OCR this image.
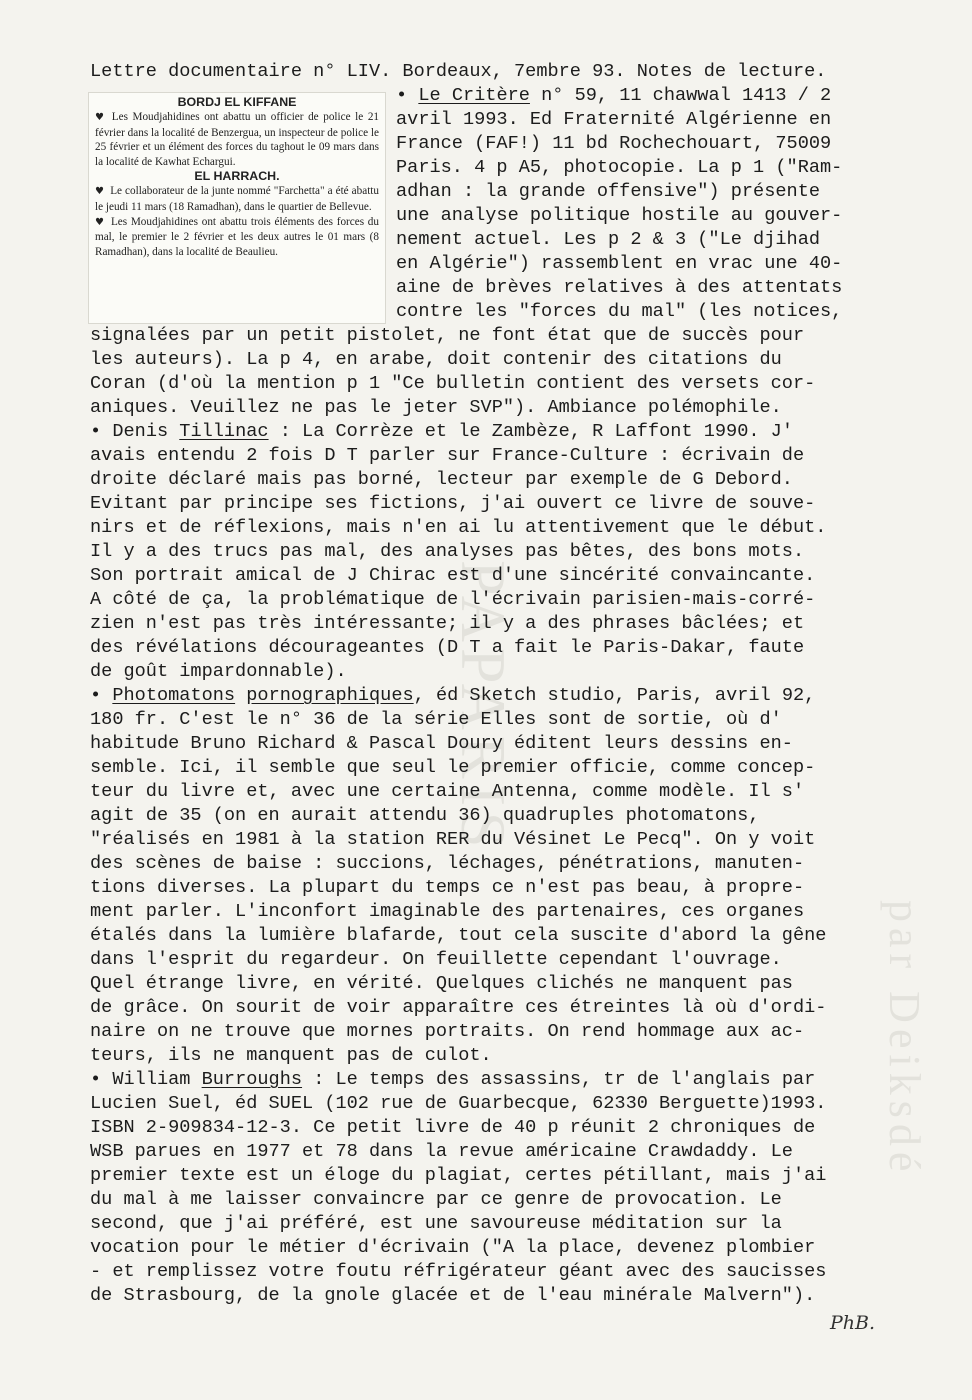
PAPARIS
par Deiksdé
Lettre documentaire n° LIV. Bordeaux, 7embre 93. Notes de lecture.
BORDJ EL KIFFANE

♥ Les Moudjahidines ont abattu un officier de police le 21 février dans la localité de Benzergua, un inspecteur de police le 25 février et un élément des forces du taghout le 09 mars dans la localité de Kawhat Echargui.

EL HARRACH.

♥ Le collaborateur de la junte nommé "Farchetta" a été abattu le jeudi 11 mars (18 Ramadhan), dans le quartier de Bellevue.

♥ Les Moudjahidines ont abattu trois éléments des forces du mal, le premier le 2 février et les deux autres le 01 mars (8 Ramadhan), dans la localité de Beaulieu.

• Le Critère n° 59, 11 chawwal 1413 / 2
avril 1993. Ed Fraternité Algérienne en
France (FAF!) 11 bd Rochechouart, 75009
Paris. 4 p A5, photocopie. La p 1 ("Ram-
adhan : la grande offensive") présente
une analyse politique hostile au gouver-
nement actuel. Les p 2 & 3 ("Le djihad
en Algérie") rassemblent en vrac une 40-
aine de brèves relatives à des attentats
contre les "forces du mal" (les notices,
signalées par un petit pistolet, ne font état que de succès pour
les auteurs). La p 4, en arabe, doit contenir des citations du
Coran (d'où la mention p 1 "Ce bulletin contient des versets cor-
aniques. Veuillez ne pas le jeter SVP"). Ambiance polémophile.
• Denis Tillinac : La Corrèze et le Zambèze, R Laffont 1990. J'
avais entendu 2 fois D T parler sur France-Culture : écrivain de
droite déclaré mais pas borné, lecteur par exemple de G Debord.
Evitant par principe ses fictions, j'ai ouvert ce livre de souve-
nirs et de réflexions, mais n'en ai lu attentivement que le début.
Il y a des trucs pas mal, des analyses pas bêtes, des bons mots.
Son portrait amical de J Chirac est d'une sincérité convaincante.
A côté de ça, la problématique de l'écrivain parisien-mais-corré-
zien n'est pas très intéressante; il y a des phrases bâclées; et
des révélations décourageantes (D T a fait le Paris-Dakar, faute
de goût impardonnable).
• Photomatons pornographiques, éd Sketch studio, Paris, avril 92,
180 fr. C'est le n° 36 de la série Elles sont de sortie, où d'
habitude Bruno Richard & Pascal Doury éditent leurs dessins en-
semble. Ici, il semble que seul le premier officie, comme concep-
teur du livre et, avec une certaine Antenna, comme modèle. Il s'
agit de 35 (on en aurait attendu 36) quadruples photomatons,
"réalisés en 1981 à la station RER du Vésinet Le Pecq". On y voit
des scènes de baise : succions, léchages, pénétrations, manuten-
tions diverses. La plupart du temps ce n'est pas beau, à propre-
ment parler. L'inconfort imaginable des partenaires, ces organes
étalés dans la lumière blafarde, tout cela suscite d'abord la gêne
dans l'esprit du regardeur. On feuillette cependant l'ouvrage.
Quel étrange livre, en vérité. Quelques clichés ne manquent pas
de grâce. On sourit de voir apparaître ces étreintes là où d'ordi-
naire on ne trouve que mornes portraits. On rend hommage aux ac-
teurs, ils ne manquent pas de culot.
• William Burroughs : Le temps des assassins, tr de l'anglais par
Lucien Suel, éd SUEL (102 rue de Guarbecque, 62330 Berguette)1993.
ISBN 2-909834-12-3. Ce petit livre de 40 p réunit 2 chroniques de
WSB parues en 1977 et 78 dans la revue américaine Crawdaddy. Le
premier texte est un éloge du plagiat, certes pétillant, mais j'ai
du mal à me laisser convaincre par ce genre de provocation. Le
second, que j'ai préféré, est une savoureuse méditation sur la
vocation pour le métier d'écrivain ("A la place, devenez plombier
- et remplissez votre foutu réfrigérateur géant avec des saucisses
de Strasbourg, de la gnole glacée et de l'eau minérale Malvern").
PhB.
